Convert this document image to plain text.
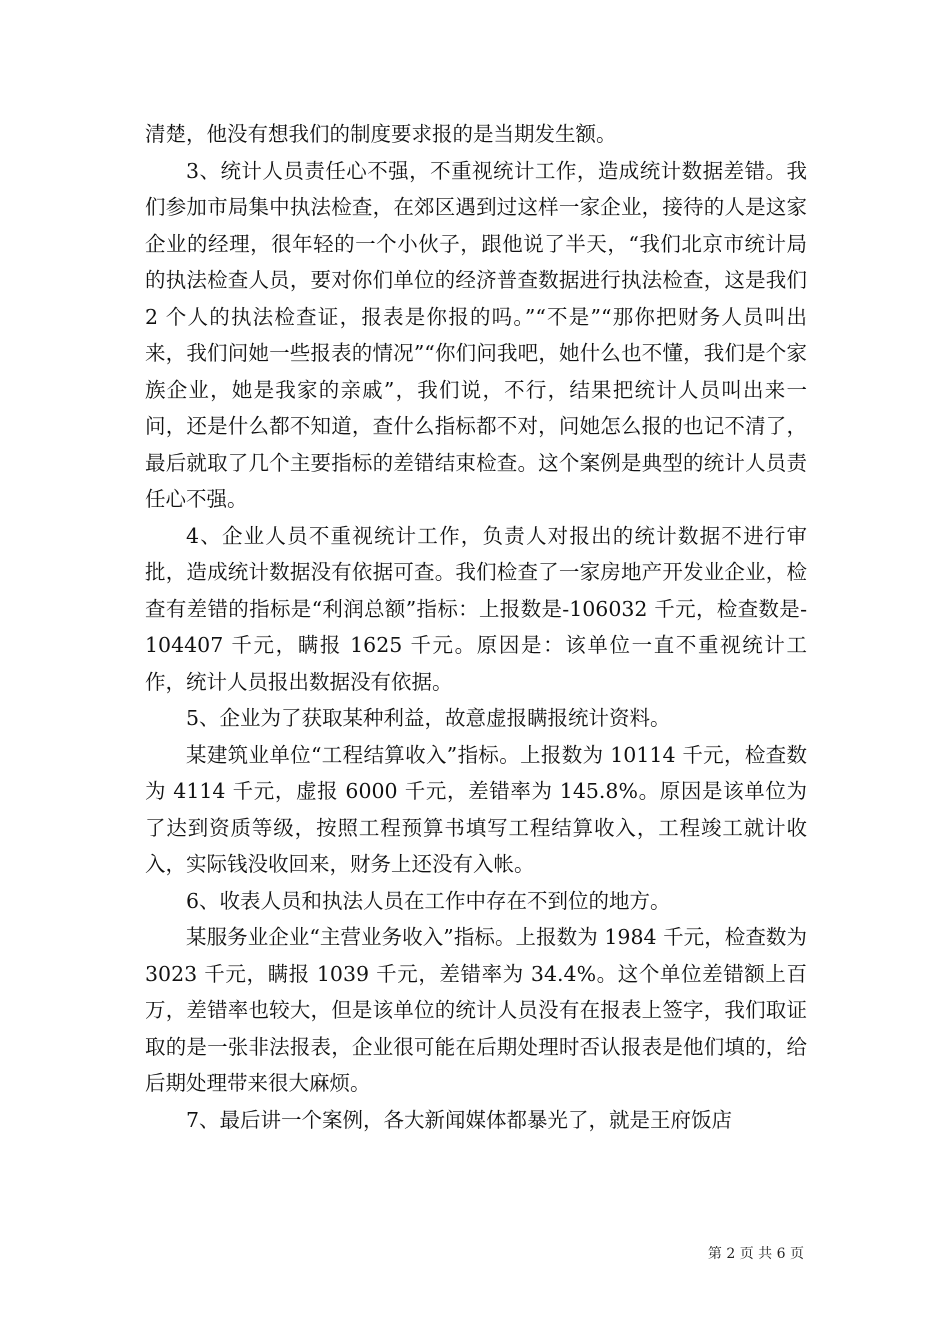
清楚，他没有想我们的制度要求报的是当期发生额。

3、统计人员责任心不强，不重视统计工作，造成统计数据差错。我们参加市局集中执法检查，在郊区遇到过这样一家企业，接待的人是这家企业的经理，很年轻的一个小伙子，跟他说了半天，“我们北京市统计局的执法检查人员，要对你们单位的经济普查数据进行执法检查，这是我们 2 个人的执法检查证，报表是你报的吗。”“不是”“那你把财务人员叫出来，我们问她一些报表的情况”“你们问我吧，她什么也不懂，我们是个家族企业，她是我家的亲戚”，我们说，不行，结果把统计人员叫出来一问，还是什么都不知道，查什么指标都不对，问她怎么报的也记不清了，最后就取了几个主要指标的差错结束检查。这个案例是典型的统计人员责任心不强。

4、企业人员不重视统计工作，负责人对报出的统计数据不进行审批，造成统计数据没有依据可查。我们检查了一家房地产开发业企业，检查有差错的指标是“利润总额”指标：上报数是-106032 千元，检查数是-104407 千元，瞒报 1625 千元。原因是：该单位一直不重视统计工作，统计人员报出数据没有依据。

5、企业为了获取某种利益，故意虚报瞒报统计资料。

某建筑业单位“工程结算收入”指标。上报数为 10114 千元，检查数为 4114 千元，虚报 6000 千元，差错率为 145.8%。原因是该单位为了达到资质等级，按照工程预算书填写工程结算收入，工程竣工就计收入，实际钱没收回来，财务上还没有入帐。

6、收表人员和执法人员在工作中存在不到位的地方。

某服务业企业“主营业务收入”指标。上报数为 1984 千元，检查数为 3023 千元，瞒报 1039 千元，差错率为 34.4%。这个单位差错额上百万，差错率也较大，但是该单位的统计人员没有在报表上签字，我们取证取的是一张非法报表，企业很可能在后期处理时否认报表是他们填的，给后期处理带来很大麻烦。

7、最后讲一个案例，各大新闻媒体都暴光了，就是王府饭店

第 2 页 共 6 页
